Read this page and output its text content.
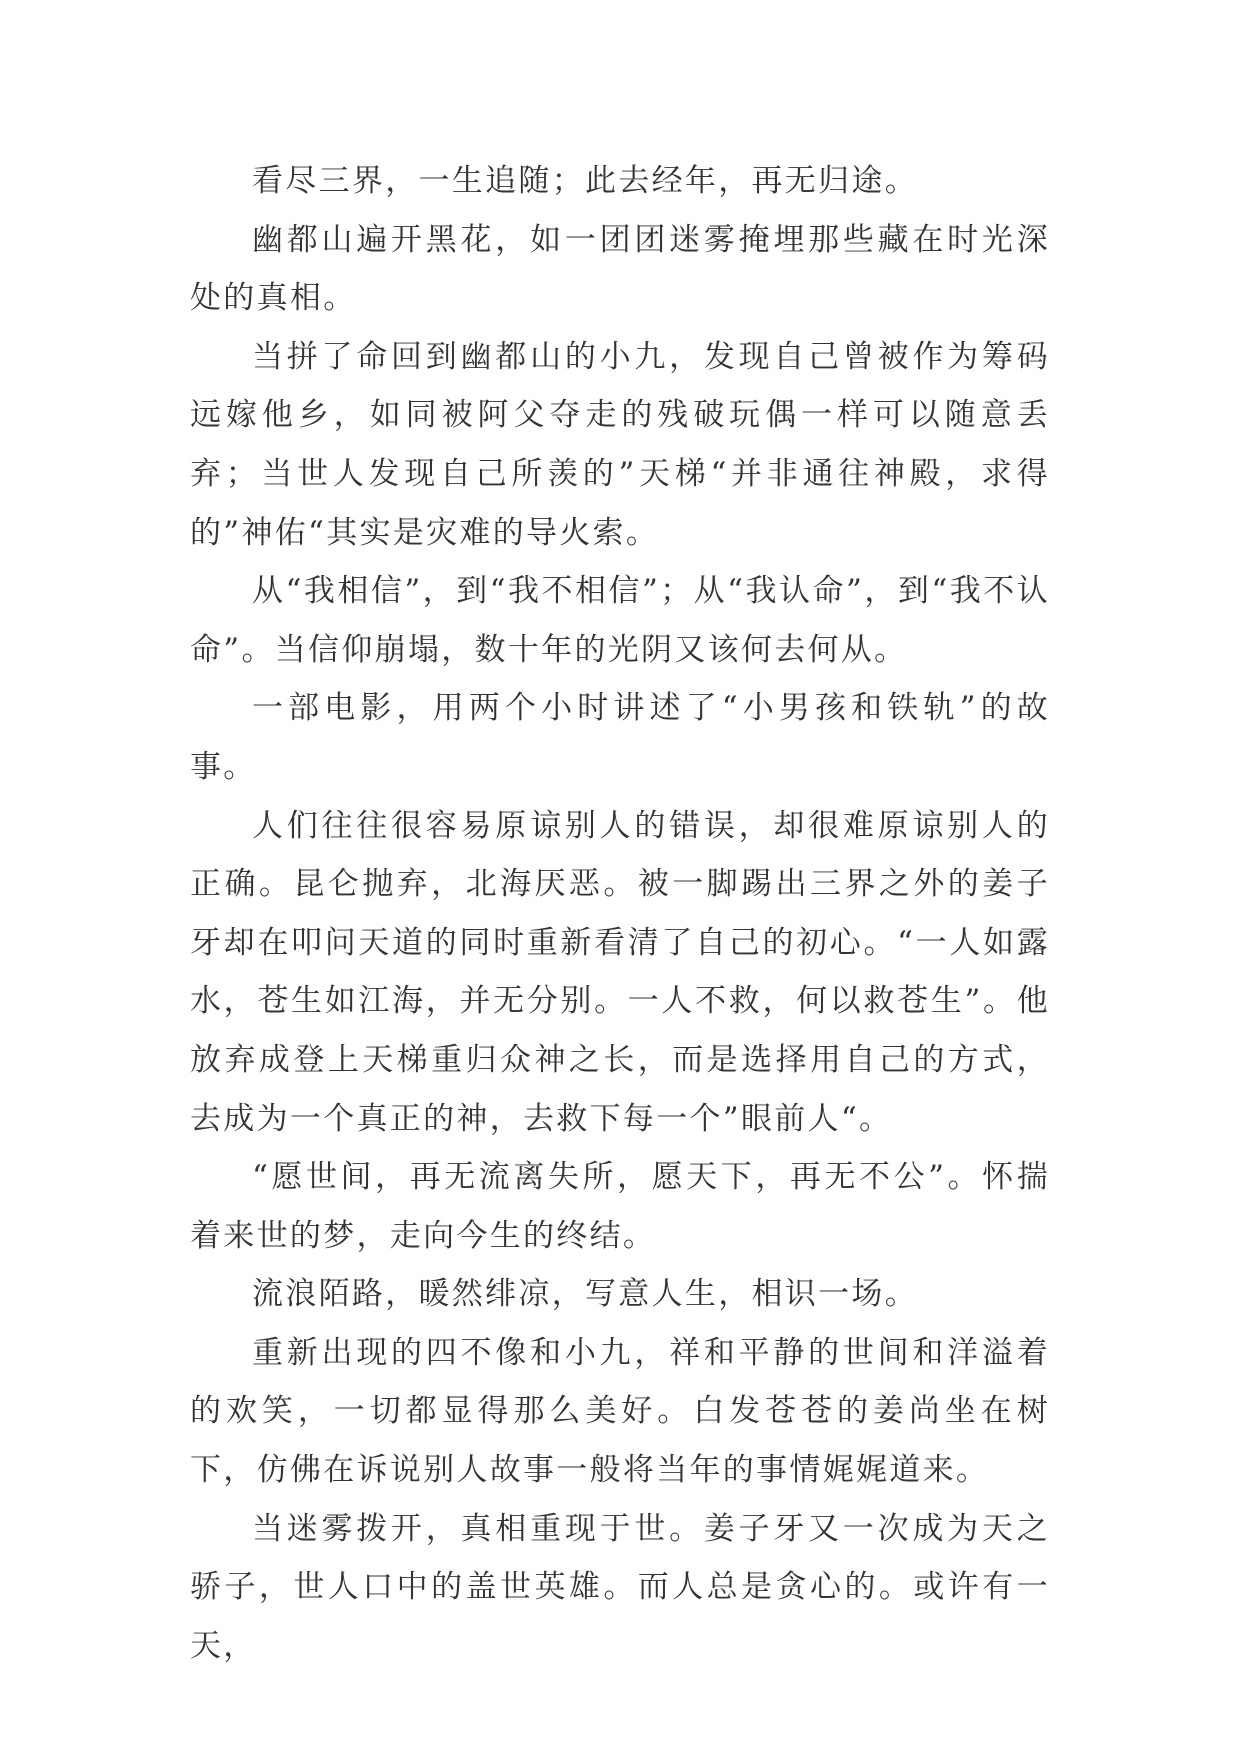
看尽三界，一生追随；此去经年，再无归途。

幽都山遍开黑花，如一团团迷雾掩埋那些藏在时光深处的真相。

当拼了命回到幽都山的小九，发现自己曾被作为筹码远嫁他乡，如同被阿父夺走的残破玩偶一样可以随意丢弃；当世人发现自己所羡的”天梯“并非通往神殿，求得的”神佑“其实是灾难的导火索。

从“我相信”，到“我不相信”；从“我认命”，到“我不认命”。当信仰崩塌，数十年的光阴又该何去何从。

一部电影，用两个小时讲述了“小男孩和铁轨”的故事。

人们往往很容易原谅别人的错误，却很难原谅别人的正确。昆仑抛弃，北海厌恶。被一脚踢出三界之外的姜子牙却在叩问天道的同时重新看清了自己的初心。“一人如露水，苍生如江海，并无分别。一人不救，何以救苍生”。他放弃成登上天梯重归众神之长，而是选择用自己的方式，去成为一个真正的神，去救下每一个”眼前人“。

“愿世间，再无流离失所，愿天下，再无不公”。怀揣着来世的梦，走向今生的终结。

流浪陌路，暖然绯凉，写意人生，相识一场。

重新出现的四不像和小九，祥和平静的世间和洋溢着的欢笑，一切都显得那么美好。白发苍苍的姜尚坐在树下，仿佛在诉说别人故事一般将当年的事情娓娓道来。

当迷雾拨开，真相重现于世。姜子牙又一次成为天之骄子，世人口中的盖世英雄。而人总是贪心的。或许有一天，
